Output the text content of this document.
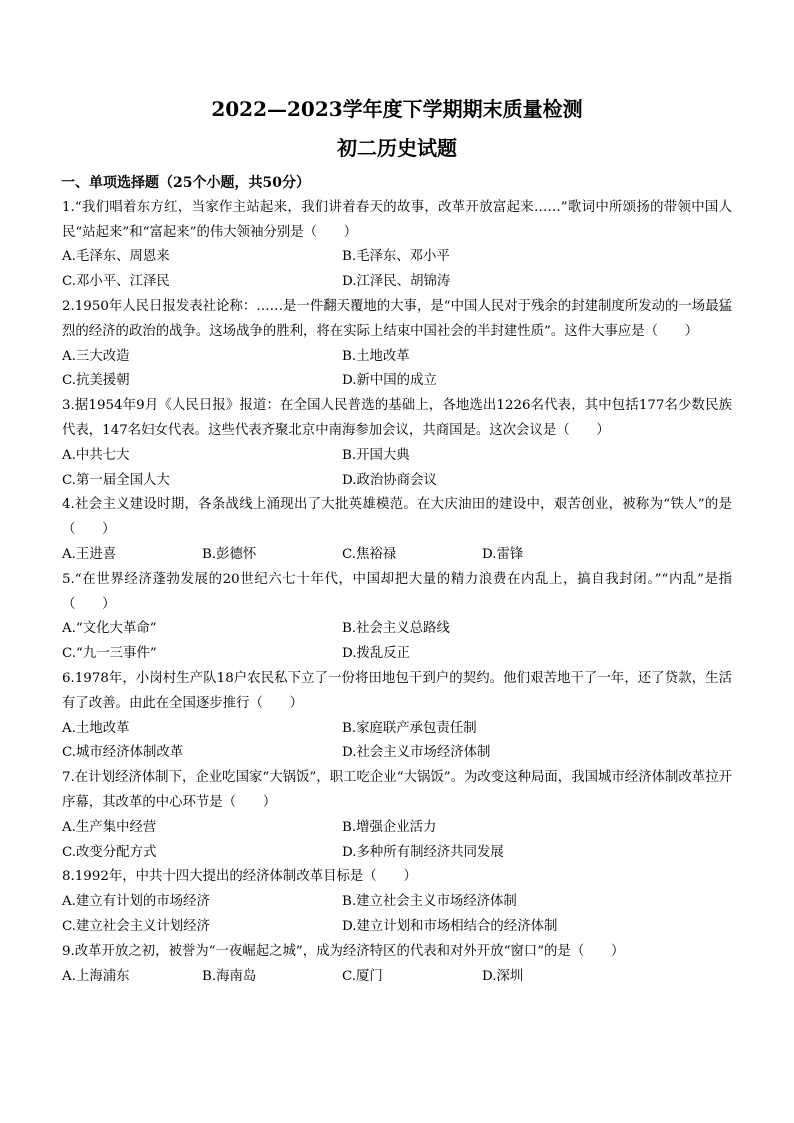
2022—2023学年度下学期期末质量检测
初二历史试题
一、单项选择题（25个小题，共50分）
1.“我们唱着东方红，当家作主站起来，我们讲着春天的故事，改革开放富起来……”歌词中所颂扬的带领中国人民“站起来”和“富起来”的伟大领袖分别是（　　）
A.毛泽东、周恩来	B.毛泽东、邓小平
C.邓小平、江泽民	D.江泽民、胡锦涛
2.1950年人民日报发表社论称：……是一件翻天覆地的大事，是“中国人民对于残余的封建制度所发动的一场最猛烈的经济的政治的战争。这场战争的胜利，将在实际上结束中国社会的半封建性质”。这件大事应是（　　）
A.三大改造	B.土地改革
C.抗美援朝	D.新中国的成立
3.据1954年9月《人民日报》报道：在全国人民普选的基础上，各地选出1226名代表，其中包括177名少数民族代表，147名妇女代表。这些代表齐聚北京中南海参加会议，共商国是。这次会议是（　　）
A.中共七大	B.开国大典
C.第一届全国人大	D.政治协商会议
4.社会主义建设时期，各条战线上涌现出了大批英雄模范。在大庆油田的建设中，艰苦创业，被称为“铁人”的是（　　）
A.王进喜	B.彭德怀	C.焦裕禄	D.雷锋
5.“在世界经济蓬勃发展的20世纪六七十年代，中国却把大量的精力浪费在内乱上，搞自我封闭。”“内乱”是指（　　）
A.“文化大革命”	B.社会主义总路线
C.“九一三事件”	D.拨乱反正
6.1978年，小岗村生产队18户农民私下立了一份将田地包干到户的契约。他们艰苦地干了一年，还了贷款，生活有了改善。由此在全国逐步推行（　　）
A.土地改革	B.家庭联产承包责任制
C.城市经济体制改革	D.社会主义市场经济体制
7.在计划经济体制下，企业吃国家“大锅饭”，职工吃企业“大锅饭”。为改变这种局面，我国城市经济体制改革拉开序幕，其改革的中心环节是（　　）
A.生产集中经营	B.增强企业活力
C.改变分配方式	D.多种所有制经济共同发展
8.1992年，中共十四大提出的经济体制改革目标是（　　）
A.建立有计划的市场经济	B.建立社会主义市场经济体制
C.建立社会主义计划经济	D.建立计划和市场相结合的经济体制
9.改革开放之初，被誉为“一夜崛起之城”，成为经济特区的代表和对外开放“窗口”的是（　　）
A.上海浦东	B.海南岛	C.厦门	D.深圳
